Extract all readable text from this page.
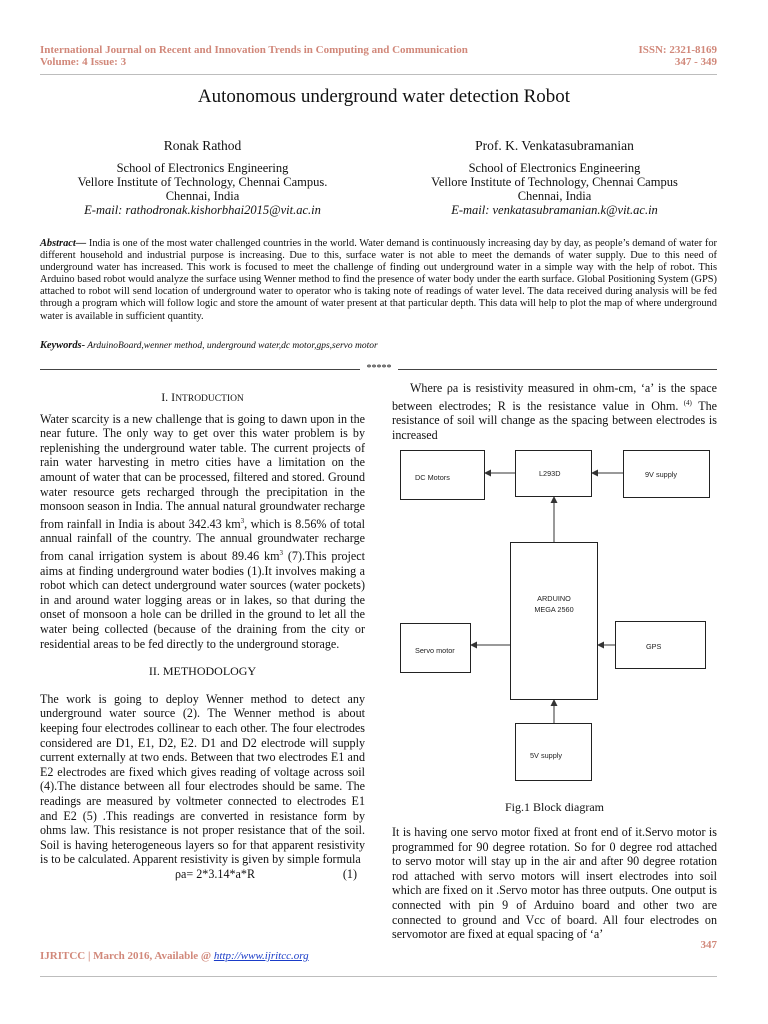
International Journal on Recent and Innovation Trends in Computing and Communication
Volume: 4 Issue: 3
ISSN: 2321-8169
347 - 349
Autonomous underground water detection Robot
Ronak Rathod
School of Electronics Engineering
Vellore Institute of Technology, Chennai Campus.
Chennai, India
E-mail: rathodronak.kishorbhai2015@vit.ac.in
Prof. K. Venkatasubramanian
School of Electronics Engineering
Vellore Institute of Technology, Chennai Campus
Chennai, India
E-mail: venkatasubramanian.k@vit.ac.in
Abstract— India is one of the most water challenged countries in the world. Water demand is continuously increasing day by day, as people’s demand of water for different household and industrial purpose is increasing. Due to this, surface water is not able to meet the demands of water supply. Due to this need of underground water has increased. This work is focused to meet the challenge of finding out underground water in a simple way with the help of robot. This Arduino based robot would analyze the surface using Wenner method to find the presence of water body under the earth surface. Global Positioning System (GPS) attached to robot will send location of underground water to operator who is taking note of readings of water level. The data received during analysis will be fed through a program which will follow logic and store the amount of water present at that particular depth. This data will help to plot the map of where underground water is available in sufficient quantity.
Keywords- ArduinoBoard,wenner method, underground water,dc motor,gps,servo motor
*****
I. INTRODUCTION
Water scarcity is a new challenge that is going to dawn upon in the near future. The only way to get over this water problem is by replenishing the underground water table. The current projects of rain water harvesting in metro cities have a limitation on the amount of water that can be processed, filtered and stored. Ground water resource gets recharged through the precipitation in the monsoon season in India. The annual natural groundwater recharge from rainfall in India is about 342.43 $km^3$, which is 8.56% of total annual rainfall of the country. The annual groundwater recharge from canal irrigation system is about 89.46 $km^3$ (7).This project aims at finding underground water bodies (1).It involves making a robot which can detect underground water sources (water pockets) in and around water logging areas or in lakes, so that during the onset of monsoon a hole can be drilled in the ground to let all the water being collected (because of the draining from the city or residential areas to be fed directly to the underground storage.
II. METHODOLOGY
The work is going to deploy Wenner method to detect any underground water source (2). The Wenner method is about keeping four electrodes collinear to each other. The four electrodes considered are D1, E1, D2, E2. D1 and D2 electrode will supply current externally at two ends. Between that two electrodes E1 and E2 electrodes are fixed which gives reading of voltage across soil (4).The distance between all four electrodes should be same. The readings are measured by voltmeter connected to electrodes E1 and E2 (5) .This readings are converted in resistance form by ohms law. This resistance is not proper resistance that of the soil. Soil is having heterogeneous layers so for that apparent resistivity is to be calculated. Apparent resistivity is given by simple formula
ρa= 2*3.14*a*R	(1)
Where ρa is resistivity measured in ohm-cm, ‘a’ is the space between electrodes; R is the resistance value in Ohm. $^{(4)}$ The resistance of soil will change as the spacing between electrodes is increased
DC Motors	L293D	9V supply
ARDUINO
MEGA 2560
Servo motor	GPS
5V supply
Fig.1 Block diagram
It is having one servo motor fixed at front end of it.Servo motor is programmed for 90 degree rotation. So for 0 degree rod attached to servo motor will stay up in the air and after 90 degree rotation rod attached with servo motors will insert electrodes into soil which are fixed on it .Servo motor has three outputs. One output is connected with pin 9 of Arduino board and other two are connected to ground and Vcc of board. All four electrodes on servomotor are fixed at equal spacing of ‘a’
347
IJRITCC | March 2016, Available @ http://www.ijritcc.org
